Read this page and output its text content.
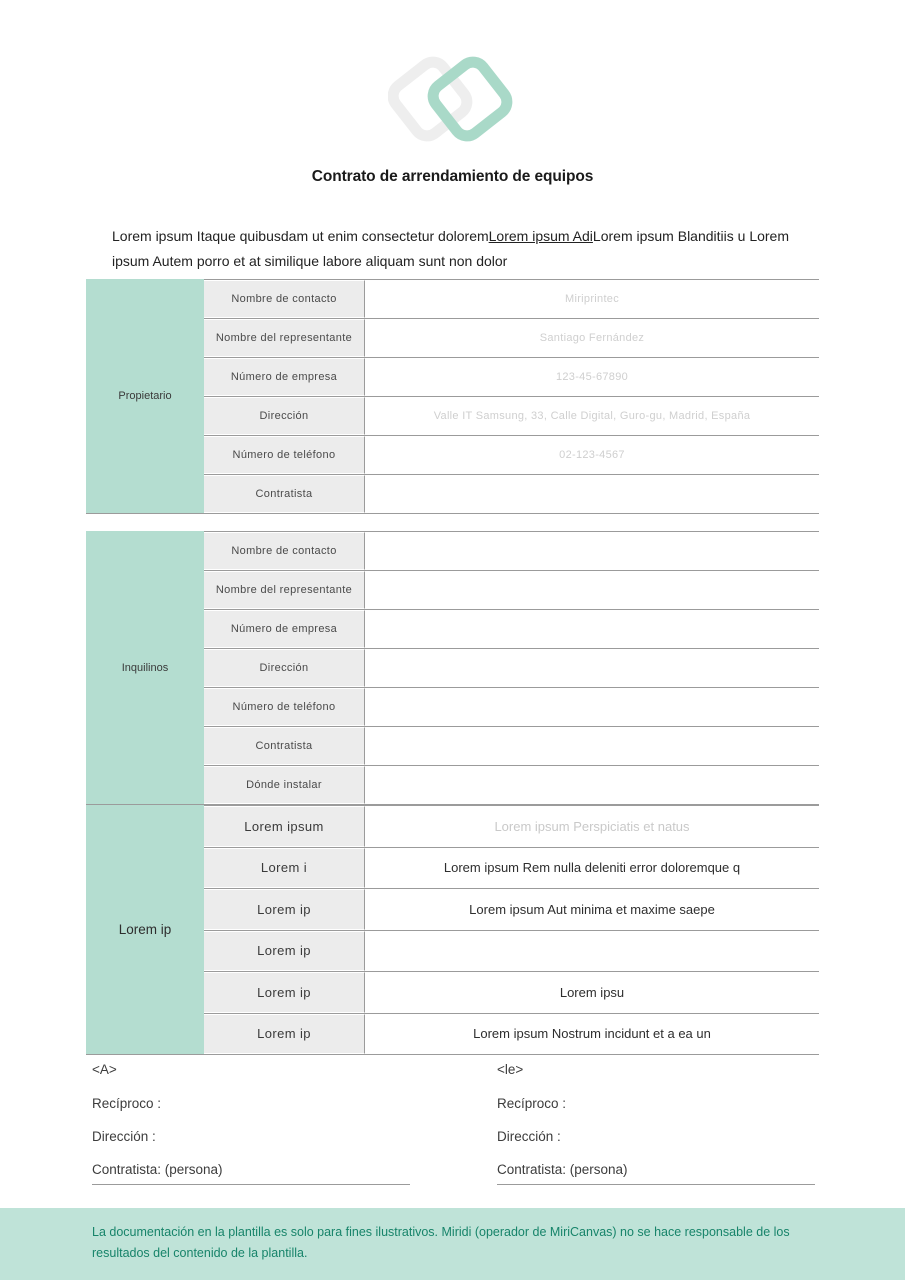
Contrato de arrendamiento de equipos
Lorem ipsum Itaque quibusdam ut enim consectetur doloremLorem ipsum AdiLorem ipsum Blanditiis u Lorem ipsum Autem porro et at similique labore aliquam sunt non dolor
Propietario
Nombre de contacto	Miriprintec
Nombre del representante	Santiago Fernández
Número de empresa	123-45-67890
Dirección	Valle IT Samsung, 33, Calle Digital, Guro-gu, Madrid, España
Número de teléfono	02-123-4567
Contratista
Inquilinos
Nombre de contacto
Nombre del representante
Número de empresa
Dirección
Número de teléfono
Contratista
Dónde instalar
Lorem ip
Lorem ipsum	Lorem ipsum Perspiciatis et natus
Lorem i	Lorem ipsum Rem nulla deleniti error doloremque q
Lorem ip	Lorem ipsum Aut minima et maxime saepe
Lorem ip
Lorem ip	Lorem ipsu
Lorem ip	Lorem ipsum Nostrum incidunt et a ea un
<A>
Recíproco :
Dirección :
Contratista: (persona)
<le>
Recíproco :
Dirección :
Contratista: (persona)
La documentación en la plantilla es solo para fines ilustrativos. Miridi (operador de MiriCanvas) no se hace responsable de los resultados del contenido de la plantilla.
